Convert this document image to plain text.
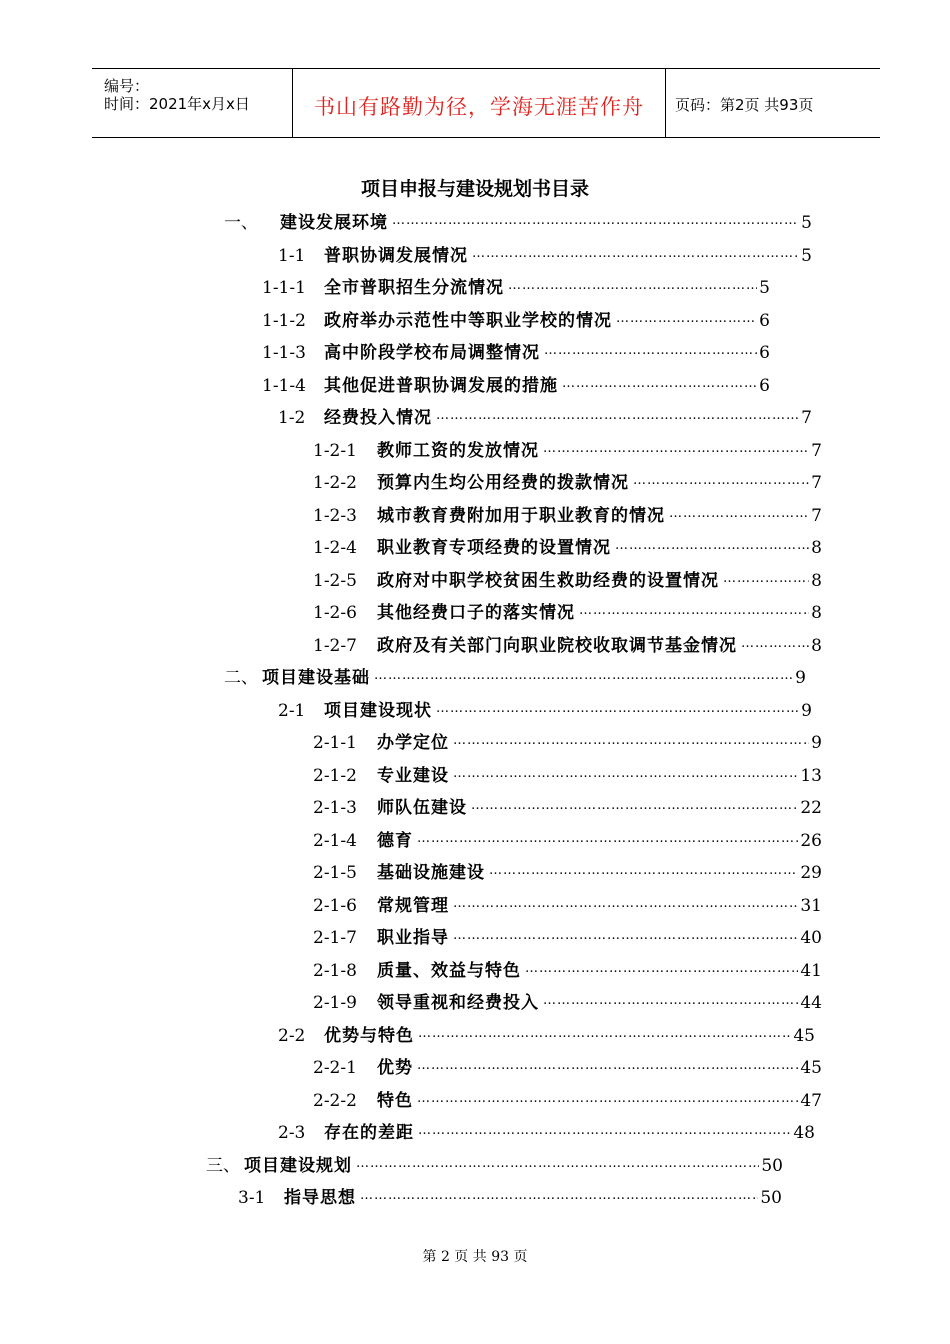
编号：
时间：2021年x月x日	书山有路勤为径，学海无涯苦作舟	页码：第2页 共93页
项目申报与建设规划书目录
一、	建设发展环境 ………………………………………………………………………………………………………………………………………………………………	5
1-1	普职协调发展情况 ………………………………………………………………………………………………………………………………………………………………	5
1-1-1	全市普职招生分流情况 ………………………………………………………………………………………………………………………………………………………………	5
1-1-2	政府举办示范性中等职业学校的情况 ………………………………………………………………………………………………………………………………………………………………	6
1-1-3	高中阶段学校布局调整情况 ………………………………………………………………………………………………………………………………………………………………	6
1-1-4	其他促进普职协调发展的措施 ………………………………………………………………………………………………………………………………………………………………	6
1-2	经费投入情况 ………………………………………………………………………………………………………………………………………………………………	7
1-2-1	教师工资的发放情况 ………………………………………………………………………………………………………………………………………………………………	7
1-2-2	预算内生均公用经费的拨款情况 ………………………………………………………………………………………………………………………………………………………………	7
1-2-3	城市教育费附加用于职业教育的情况 ………………………………………………………………………………………………………………………………………………………………	7
1-2-4	职业教育专项经费的设置情况 ………………………………………………………………………………………………………………………………………………………………	8
1-2-5	政府对中职学校贫困生救助经费的设置情况 ………………………………………………………………………………………………………………………………………………………………	8
1-2-6	其他经费口子的落实情况 ………………………………………………………………………………………………………………………………………………………………	8
1-2-7	政府及有关部门向职业院校收取调节基金情况 ………………………………………………………………………………………………………………………………………………………………	8
二、 项目建设基础 ………………………………………………………………………………………………………………………………………………………………	9
2-1	项目建设现状 ………………………………………………………………………………………………………………………………………………………………	9
2-1-1	办学定位 ………………………………………………………………………………………………………………………………………………………………	9
2-1-2	专业建设 ………………………………………………………………………………………………………………………………………………………………	13
2-1-3	师队伍建设 ………………………………………………………………………………………………………………………………………………………………	22
2-1-4	德育 ………………………………………………………………………………………………………………………………………………………………	26
2-1-5	基础设施建设 ………………………………………………………………………………………………………………………………………………………………	29
2-1-6	常规管理 ………………………………………………………………………………………………………………………………………………………………	31
2-1-7	职业指导 ………………………………………………………………………………………………………………………………………………………………	40
2-1-8	质量、效益与特色 ………………………………………………………………………………………………………………………………………………………………	41
2-1-9	领导重视和经费投入 ………………………………………………………………………………………………………………………………………………………………	44
2-2	优势与特色 ………………………………………………………………………………………………………………………………………………………………	45
2-2-1	优势 ………………………………………………………………………………………………………………………………………………………………	45
2-2-2	特色 ………………………………………………………………………………………………………………………………………………………………	47
2-3	存在的差距 ………………………………………………………………………………………………………………………………………………………………	48
三、 项目建设规划 ………………………………………………………………………………………………………………………………………………………………	50
3-1	指导思想 ………………………………………………………………………………………………………………………………………………………………	50
第 2 页 共 93 页
